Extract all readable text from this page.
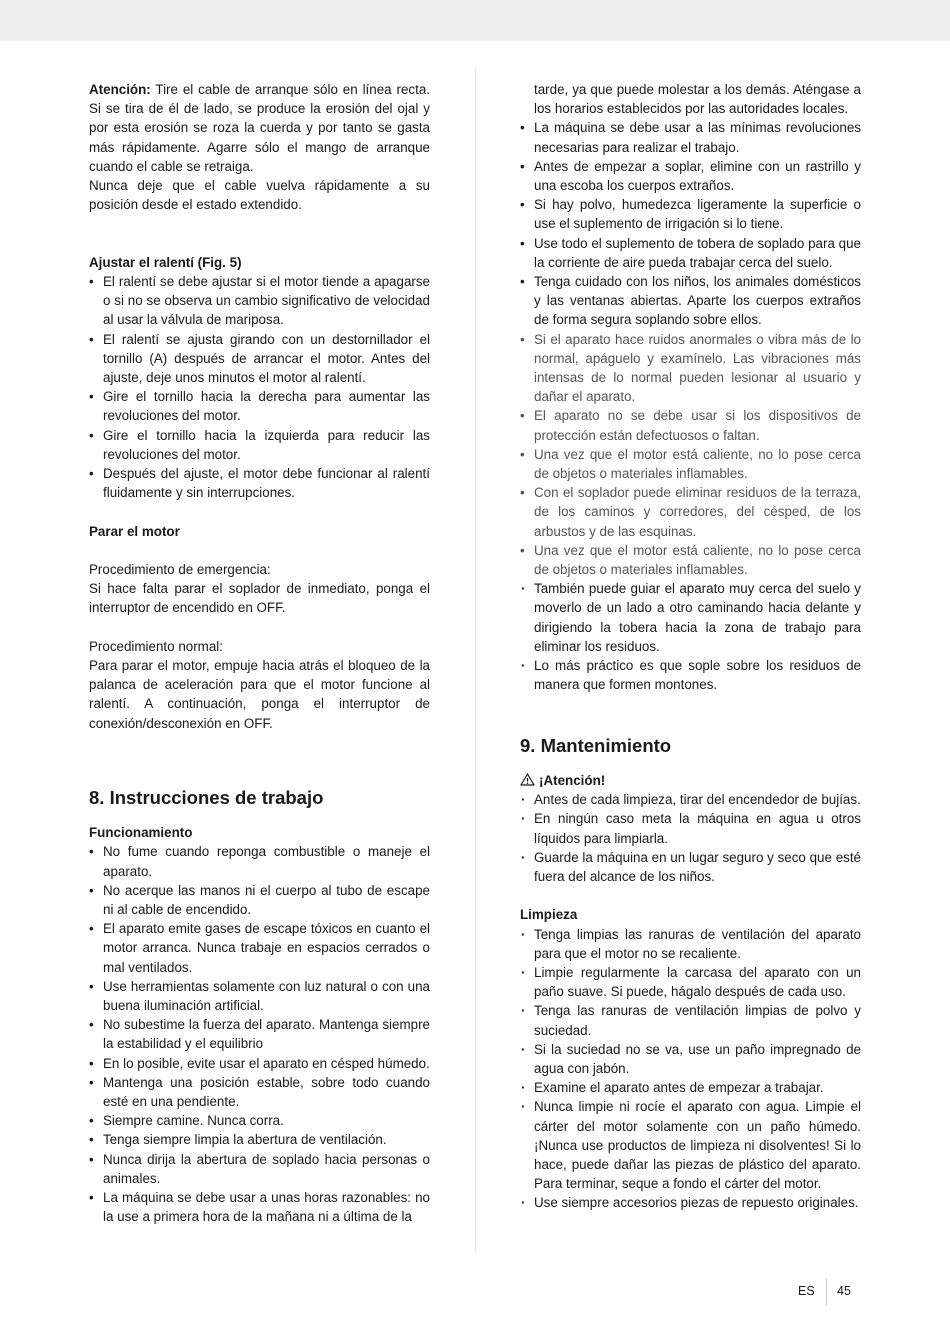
Atención: Tire el cable de arranque sólo en línea recta. Si se tira de él de lado, se produce la erosión del ojal y por esta erosión se roza la cuerda y por tanto se gasta más rápidamente. Agarre sólo el mango de arranque cuando el cable se retraiga.

Nunca deje que el cable vuelva rápidamente a su posición desde el estado extendido.

Ajustar el ralentí (Fig. 5)

• El ralentí se debe ajustar si el motor tiende a apagarse o si no se observa un cambio significativo de velocidad al usar la válvula de mariposa.
• El ralentí se ajusta girando con un destornillador el tornillo (A) después de arrancar el motor. Antes del ajuste, deje unos minutos el motor al ralentí.
• Gire el tornillo hacia la derecha para aumentar las revoluciones del motor.
• Gire el tornillo hacia la izquierda para reducir las revoluciones del motor.
• Después del ajuste, el motor debe funcionar al ralentí fluidamente y sin interrupciones.

Parar el motor

Procedimiento de emergencia:

Si hace falta parar el soplador de inmediato, ponga el interruptor de encendido en OFF.

Procedimiento normal:

Para parar el motor, empuje hacia atrás el bloqueo de la palanca de aceleración para que el motor funcione al ralentí. A continuación, ponga el interruptor de conexión/desconexión en OFF.

8. Instrucciones de trabajo

Funcionamiento

• No fume cuando reponga combustible o maneje el aparato.
• No acerque las manos ni el cuerpo al tubo de escape ni al cable de encendido.
• El aparato emite gases de escape tóxicos en cuanto el motor arranca. Nunca trabaje en espacios cerrados o mal ventilados.
• Use herramientas solamente con luz natural o con una buena iluminación artificial.
• No subestime la fuerza del aparato. Mantenga siempre la estabilidad y el equilibrio
• En lo posible, evite usar el aparato en césped húmedo.
• Mantenga una posición estable, sobre todo cuando esté en una pendiente.
• Siempre camine. Nunca corra.
• Tenga siempre limpia la abertura de ventilación.
• Nunca dirija la abertura de soplado hacia personas o animales.
• La máquina se debe usar a unas horas razonables: no la use a primera hora de la mañana ni a última de la

tarde, ya que puede molestar a los demás. Aténgase a los horarios establecidos por las autoridades locales.

• La máquina se debe usar a las mínimas revoluciones necesarias para realizar el trabajo.
• Antes de empezar a soplar, elimine con un rastrillo y una escoba los cuerpos extraños.
• Si hay polvo, humedezca ligeramente la superficie o use el suplemento de irrigación si lo tiene.
• Use todo el suplemento de tobera de soplado para que la corriente de aire pueda trabajar cerca del suelo.
• Tenga cuidado con los niños, los animales domésticos y las ventanas abiertas. Aparte los cuerpos extraños de forma segura soplando sobre ellos.
• Si el aparato hace ruidos anormales o vibra más de lo normal, apáguelo y examínelo. Las vibraciones más intensas de lo normal pueden lesionar al usuario y dañar el aparato.
• El aparato no se debe usar si los dispositivos de protección están defectuosos o faltan.
• Una vez que el motor está caliente, no lo pose cerca de objetos o materiales inflamables.
• Con el soplador puede eliminar residuos de la terraza, de los caminos y corredores, del césped, de los arbustos y de las esquinas.
• Una vez que el motor está caliente, no lo pose cerca de objetos o materiales inflamables.
· También puede guiar el aparato muy cerca del suelo y moverlo de un lado a otro caminando hacia delante y dirigiendo la tobera hacia la zona de trabajo para eliminar los residuos.
· Lo más práctico es que sople sobre los residuos de manera que formen montones.
9. Mantenimiento

¡Atención!

· Antes de cada limpieza, tirar del encendedor de bujías.
· En ningún caso meta la máquina en agua u otros líquidos para limpiarla.
· Guarde la máquina en un lugar seguro y seco que esté fuera del alcance de los niños.

Limpieza

· Tenga limpias las ranuras de ventilación del aparato para que el motor no se recaliente.
· Limpie regularmente la carcasa del aparato con un paño suave. Si puede, hágalo después de cada uso.
· Tenga las ranuras de ventilación limpias de polvo y suciedad.
· Si la suciedad no se va, use un paño impregnado de agua con jabón.
· Examine el aparato antes de empezar a trabajar.
· Nunca limpie ni rocíe el aparato con agua. Limpie el cárter del motor solamente con un paño húmedo. ¡Nunca use productos de limpieza ni disolventes! Si lo hace, puede dañar las piezas de plástico del aparato. Para terminar, seque a fondo el cárter del motor.
· Use siempre accesorios piezas de repuesto originales.
ES 45
